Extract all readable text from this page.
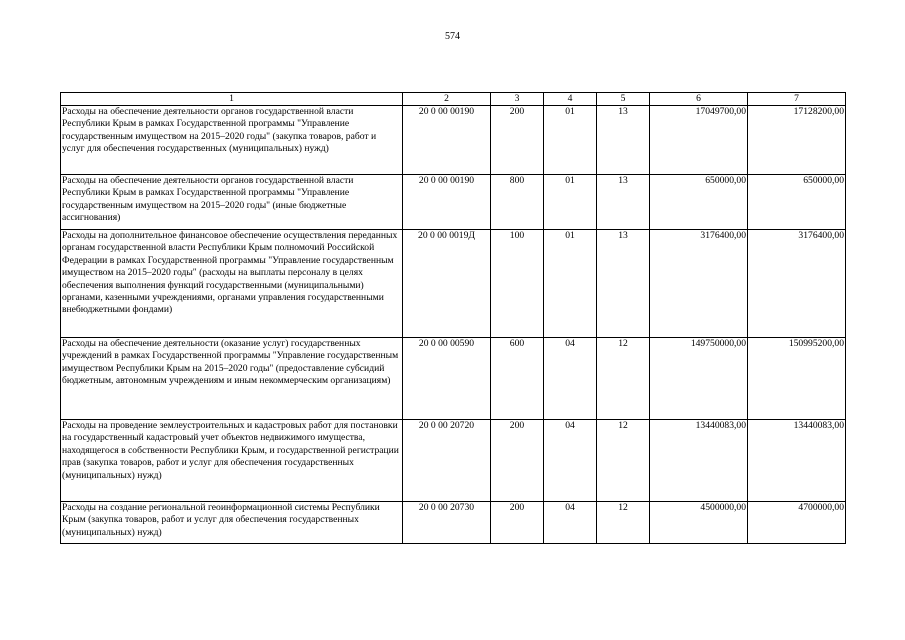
574
1	2	3	4	5	6	7
Расходы на обеспечение деятельности органов государственной власти Республики Крым в рамках Государственной программы "Управление государственным имуществом на 2015–2020 годы" (закупка товаров, работ и услуг для обеспечения государственных (муниципальных) нужд)	20 0 00 00190	200	01	13	17049700,00	17128200,00
Расходы на обеспечение деятельности органов государственной власти Республики Крым в рамках Государственной программы "Управление государственным имуществом на 2015–2020 годы" (иные бюджетные ассигнования)	20 0 00 00190	800	01	13	650000,00	650000,00
Расходы на дополнительное финансовое обеспечение осуществления переданных органам государственной власти Республики Крым полномочий Российской Федерации в рамках Государственной программы "Управление государственным имуществом на 2015–2020 годы" (расходы на выплаты персоналу в целях обеспечения выполнения функций государственными (муниципальными) органами, казенными учреждениями, органами управления государственными внебюджетными фондами)	20 0 00 0019Д	100	01	13	3176400,00	3176400,00
Расходы на обеспечение деятельности (оказание услуг) государственных учреждений в рамках Государственной программы "Управление государственным имуществом Республики Крым на 2015–2020 годы" (предоставление субсидий бюджетным, автономным учреждениям и иным некоммерческим организациям)	20 0 00 00590	600	04	12	149750000,00	150995200,00
Расходы на проведение землеустроительных и кадастровых работ для постановки на государственный кадастровый учет объектов недвижимого имущества, находящегося в собственности Республики Крым, и государственной регистрации прав (закупка товаров, работ и услуг для обеспечения государственных (муниципальных) нужд)	20 0 00 20720	200	04	12	13440083,00	13440083,00
Расходы на создание региональной геоинформационной системы Республики Крым (закупка товаров, работ и услуг для обеспечения государственных (муниципальных) нужд)	20 0 00 20730	200	04	12	4500000,00	4700000,00
